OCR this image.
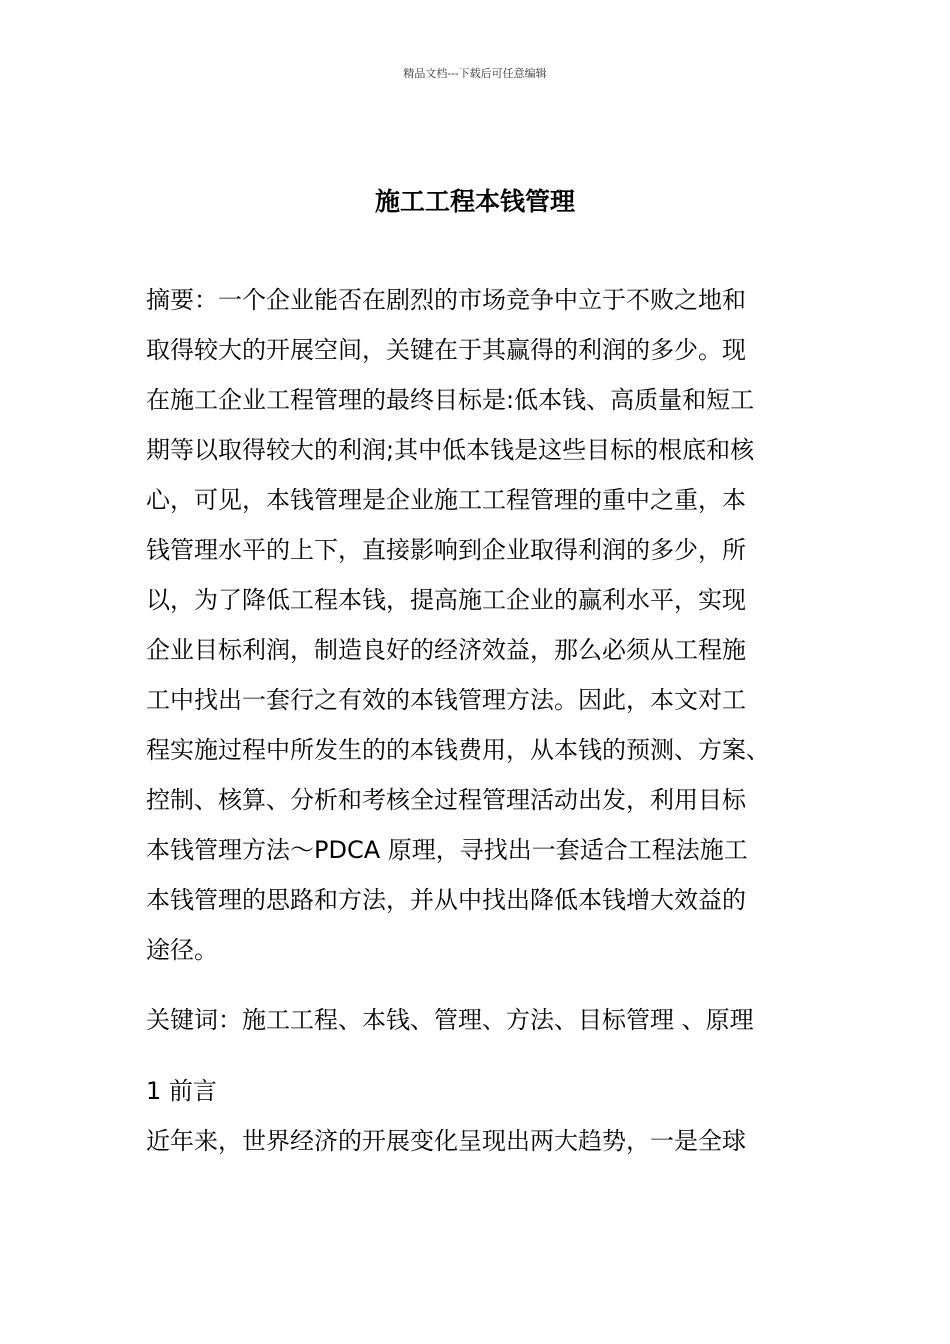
精品文档---下载后可任意编辑
施工工程本钱管理
摘要：一个企业能否在剧烈的市场竞争中立于不败之地和
取得较大的开展空间，关键在于其赢得的利润的多少。现
在施工企业工程管理的最终目标是:低本钱、高质量和短工
期等以取得较大的利润;其中低本钱是这些目标的根底和核
心，可见，本钱管理是企业施工工程管理的重中之重，本
钱管理水平的上下，直接影响到企业取得利润的多少，所
以，为了降低工程本钱，提高施工企业的赢利水平，实现
企业目标利润，制造良好的经济效益，那么必须从工程施
工中找出一套行之有效的本钱管理方法。因此，本文对工
程实施过程中所发生的的本钱费用，从本钱的预测、方案、
控制、核算、分析和考核全过程管理活动出发，利用目标
本钱管理方法～PDCA 原理，寻找出一套适合工程法施工
本钱管理的思路和方法，并从中找出降低本钱增大效益的
途径。
关键词：施工工程、本钱、管理、方法、目标管理 、原理
1 前言
近年来，世界经济的开展变化呈现出两大趋势，一是全球
